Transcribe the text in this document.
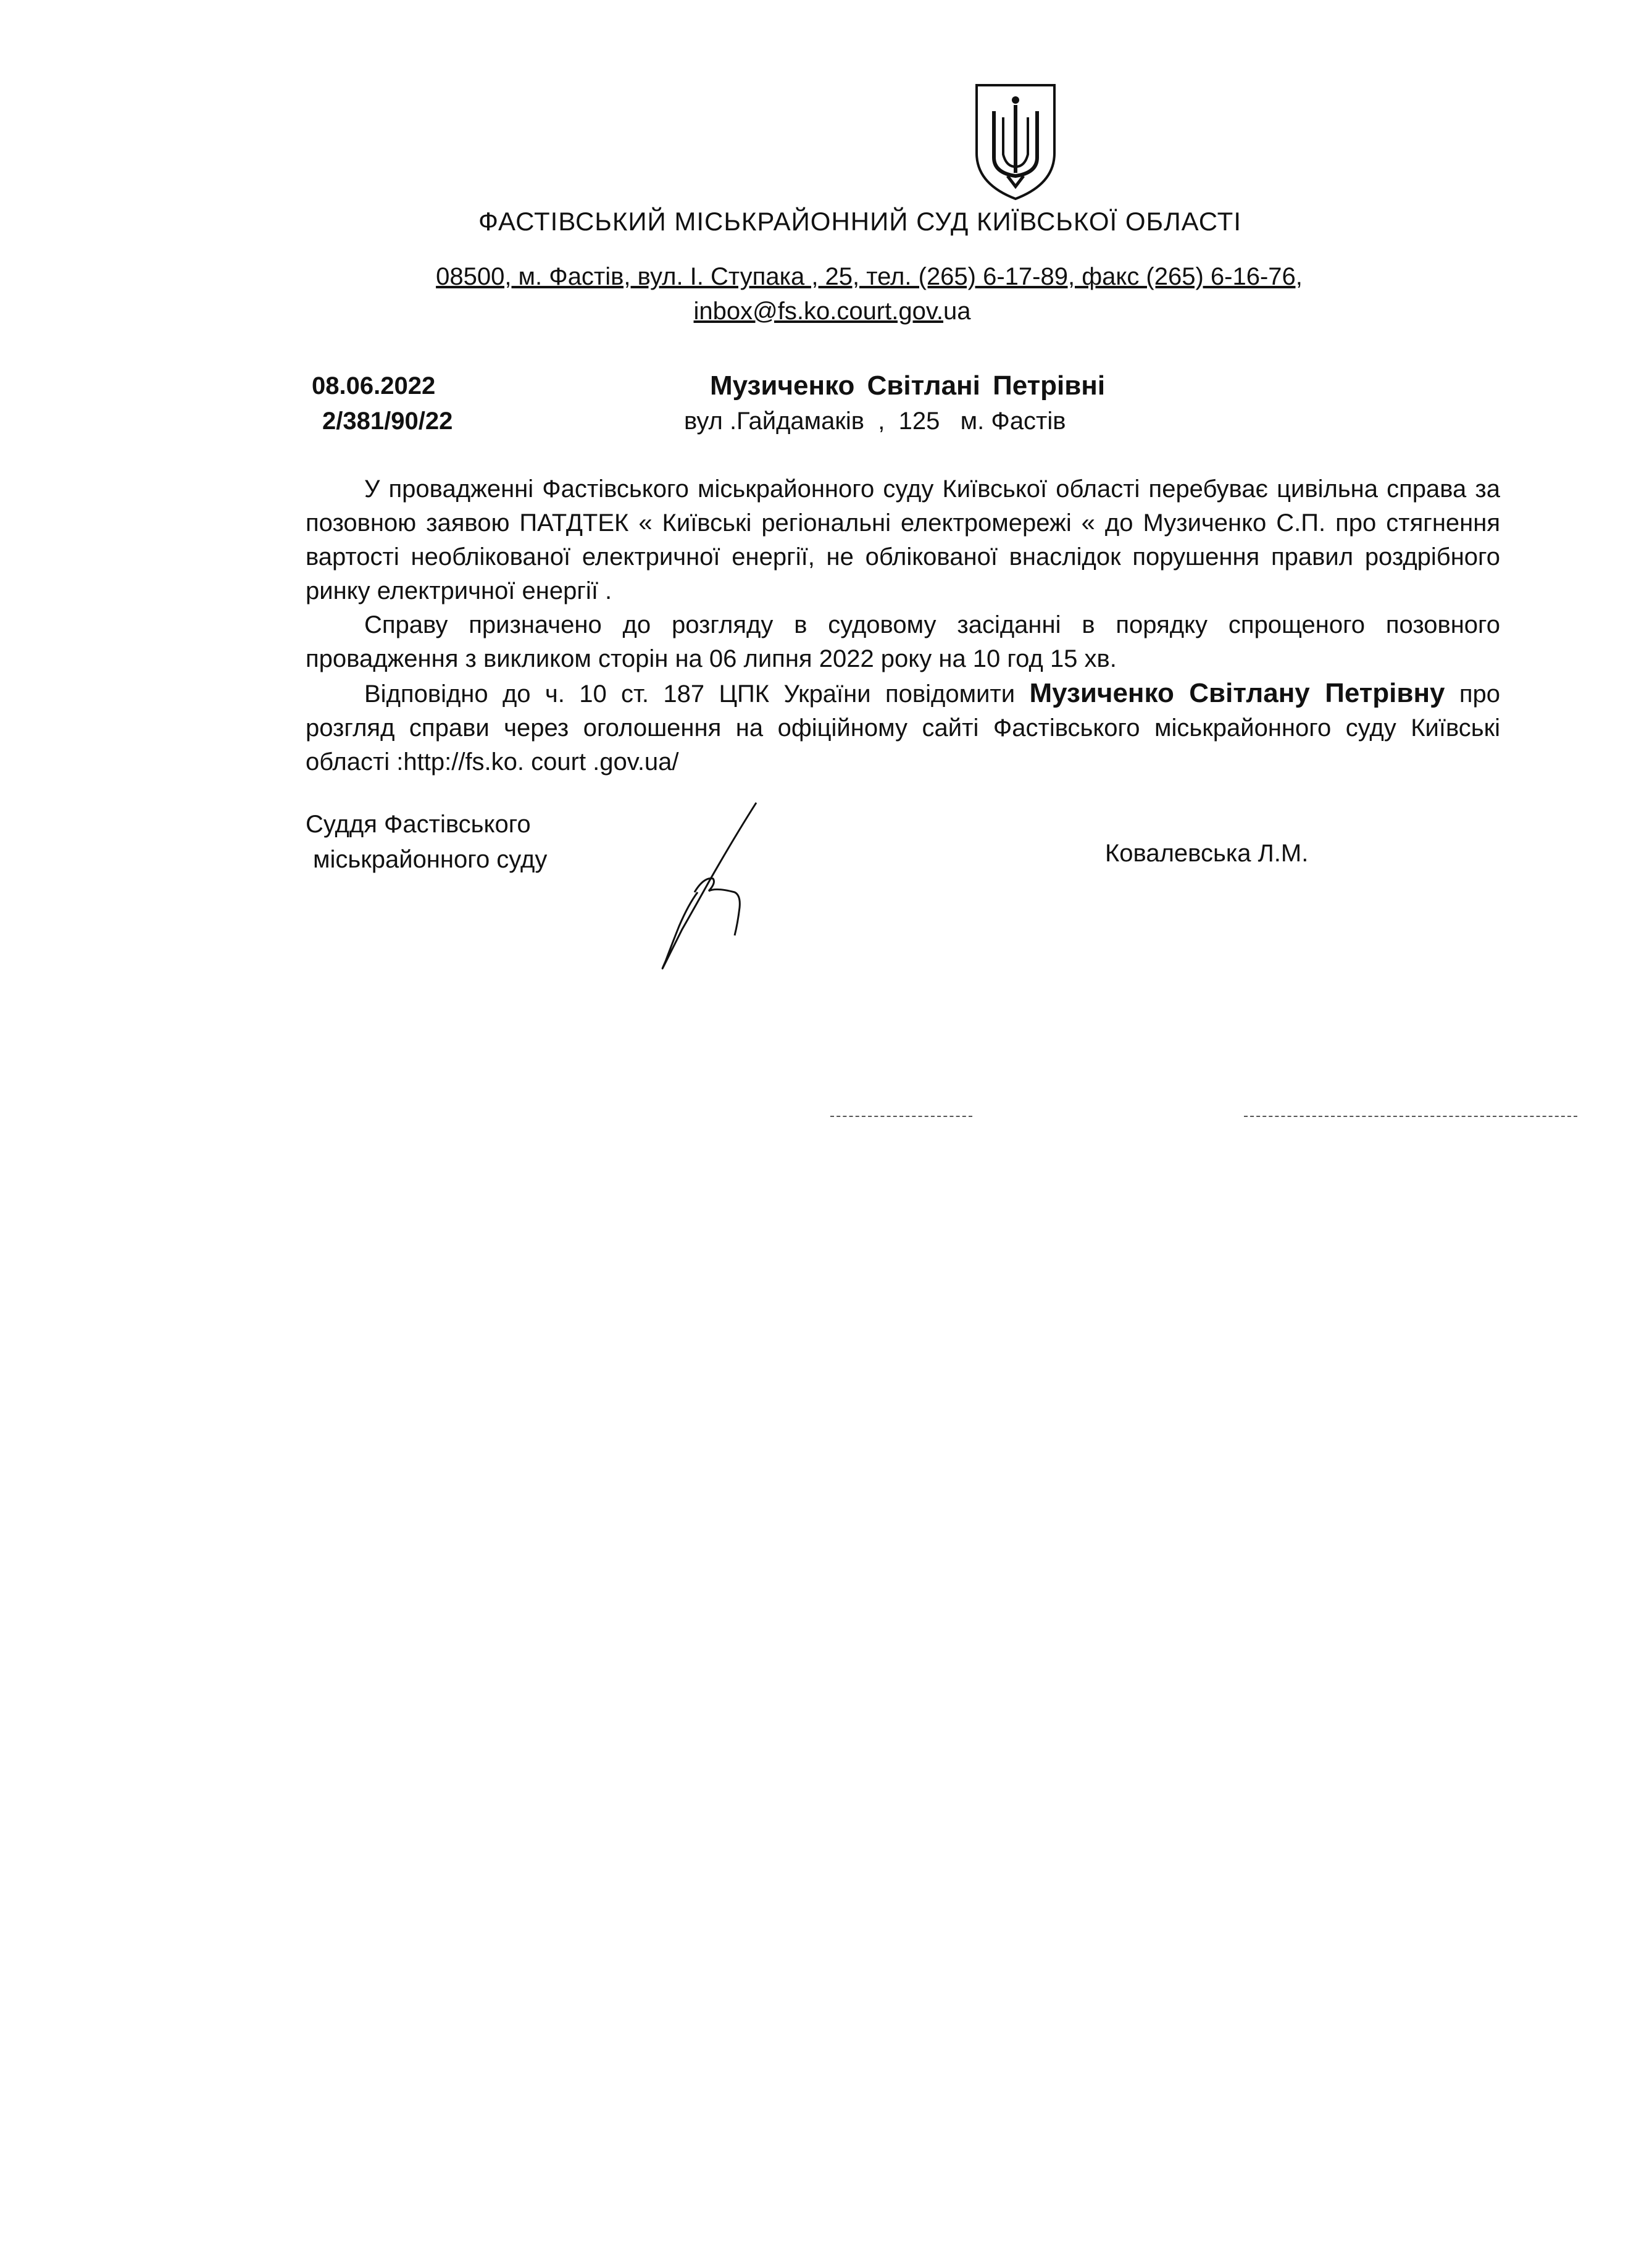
ФАСТІВСЬКИЙ МІСЬКРАЙОННИЙ СУД КИЇВСЬКОЇ ОБЛАСТІ
08500, м. Фастів, вул. І. Ступака , 25, тел. (265) 6-17-89, факс (265) 6-16-76,
inbox@fs.ko.court.gov.ua
08.06.2022
2/381/90/22
Музиченко Світлані Петрівні
вул .Гайдамаків  ,  125   м. Фастів

У провадженні Фастівського міськрайонного суду Київської області перебуває цивільна справа за позовною заявою ПАТДТЕК « Київські регіональні електромережі « до Музиченко С.П. про стягнення вартості необлікованої електричної енергії, не облікованої внаслідок порушення правил роздрібного ринку електричної енергії .

Справу призначено до розгляду в судовому засіданні в порядку спрощеного позовного провадження з викликом сторін на 06 липня 2022 року на 10 год 15 хв.

Відповідно до ч. 10 ст. 187 ЦПК України повідомити Музиченко Світлану Петрівну про розгляд справи через оголошення на офіційному сайті Фастівського міськрайонного суду Київські області :http://fs.ko. court .gov.ua/

Суддя Фастівського
міськрайонного суду	Ковалевська Л.М.
